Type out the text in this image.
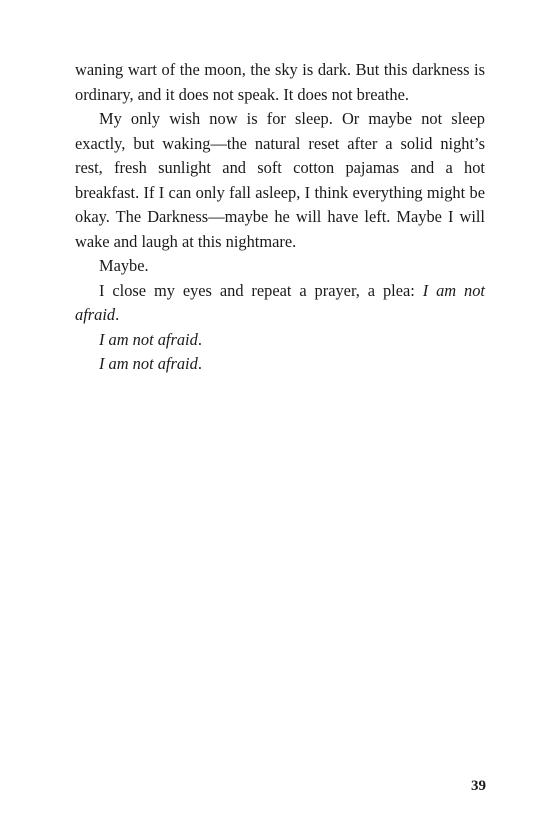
waning wart of the moon, the sky is dark. But this darkness is ordinary, and it does not speak. It does not breathe.

My only wish now is for sleep. Or maybe not sleep exactly, but waking—the natural reset after a solid night’s rest, fresh sunlight and soft cotton pajamas and a hot breakfast. If I can only fall asleep, I think everything might be okay. The Darkness—maybe he will have left. Maybe I will wake and laugh at this nightmare.

Maybe.

I close my eyes and repeat a prayer, a plea: I am not afraid.

I am not afraid.

I am not afraid.

39
